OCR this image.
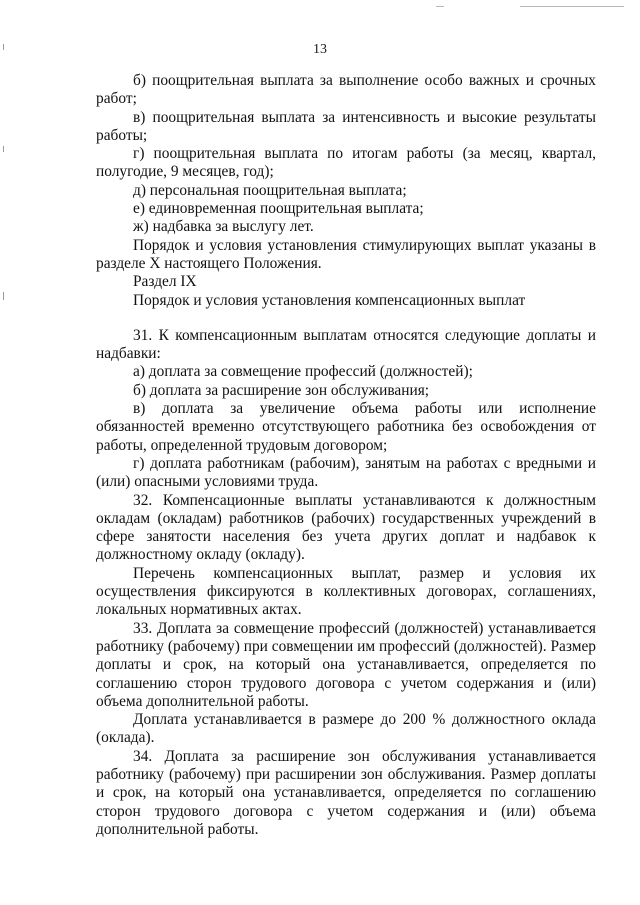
13

б) поощрительная выплата за выполнение особо важных и срочных работ;

в) поощрительная выплата за интенсивность и высокие результаты работы;

г) поощрительная выплата по итогам работы (за месяц, квартал, полугодие, 9 месяцев, год);

д) персональная поощрительная выплата;

е) единовременная поощрительная выплата;

ж) надбавка за выслугу лет.

Порядок и условия установления стимулирующих выплат указаны в разделе X настоящего Положения.

Раздел IX

Порядок и условия установления компенсационных выплат

31. К компенсационным выплатам относятся следующие доплаты и надбавки:

а) доплата за совмещение профессий (должностей);

б) доплата за расширение зон обслуживания;

в) доплата за увеличение объема работы или исполнение обязанностей временно отсутствующего работника без освобождения от работы, определенной трудовым договором;

г) доплата работникам (рабочим), занятым на работах с вредными и (или) опасными условиями труда.

32. Компенсационные выплаты устанавливаются к должностным окладам (окладам) работников (рабочих) государственных учреждений в сфере занятости населения без учета других доплат и надбавок к должностному окладу (окладу).

Перечень компенсационных выплат, размер и условия их осуществления фиксируются в коллективных договорах, соглашениях, локальных нормативных актах.

33. Доплата за совмещение профессий (должностей) устанавливается работнику (рабочему) при совмещении им профессий (должностей). Размер доплаты и срок, на который она устанавливается, определяется по соглашению сторон трудового договора с учетом содержания и (или) объема дополнительной работы.

Доплата устанавливается в размере до 200 % должностного оклада (оклада).

34. Доплата за расширение зон обслуживания устанавливается работнику (рабочему) при расширении зон обслуживания. Размер доплаты и срок, на который она устанавливается, определяется по соглашению сторон трудового договора с учетом содержания и (или) объема дополнительной работы.
